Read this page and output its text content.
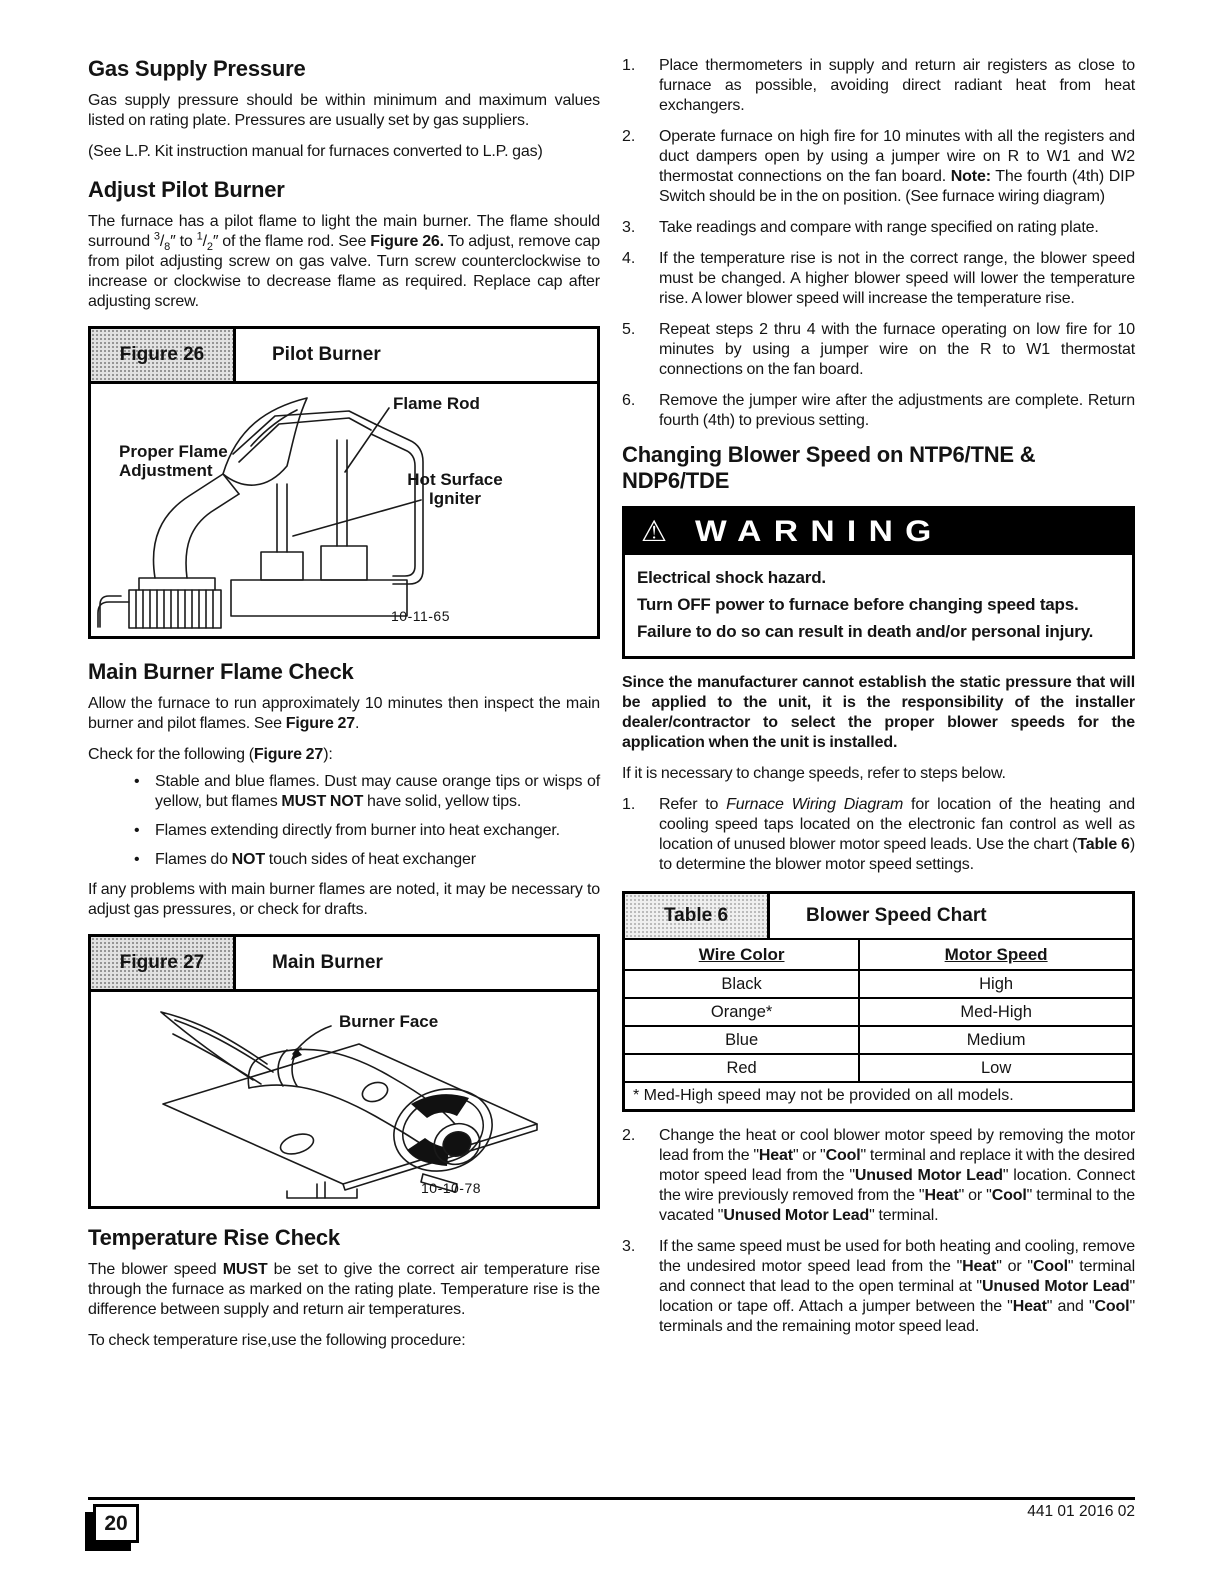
Gas Supply Pressure
Gas supply pressure should be within minimum and maximum values listed on rating plate. Pressures are usually set by gas suppliers.
(See L.P. Kit instruction manual for furnaces converted to L.P. gas)
Adjust Pilot Burner
The furnace has a pilot flame to light the main burner. The flame should surround $^3/_8''$ to $^1/_2''$ of the flame rod. See Figure 26. To adjust, remove cap from pilot adjusting screw on gas valve. Turn screw counterclockwise to increase or clockwise to decrease flame as required. Replace cap after adjusting screw.
Figure 26	Pilot Burner
Proper Flame
Adjustment
Flame Rod
Hot Surface
Igniter
10-11-65
Main Burner Flame Check
Allow the furnace to run approximately 10 minutes then inspect the main burner and pilot flames. See Figure 27.
Check for the following (Figure 27):
• Stable and blue flames. Dust may cause orange tips or wisps of yellow, but flames MUST NOT have solid, yellow tips.
• Flames extending directly from burner into heat exchanger.
• Flames do NOT touch sides of heat exchanger
If any problems with main burner flames are noted, it may be necessary to adjust gas pressures, or check for drafts.
Figure 27	Main Burner
Burner Face
10-10-78
Temperature Rise Check
The blower speed MUST be set to give the correct air temperature rise through the furnace as marked on the rating plate. Temperature rise is the difference between supply and return air temperatures.
To check temperature rise,use the following procedure:
1.	Place thermometers in supply and return air registers as close to furnace as possible, avoiding direct radiant heat from heat exchangers.
2.	Operate furnace on high fire for 10 minutes with all the registers and duct dampers open by using a jumper wire on R to W1 and W2 thermostat connections on the fan board. Note: The fourth (4th) DIP Switch should be in the on position. (See furnace wiring diagram)
3.	Take readings and compare with range specified on rating plate.
4.	If the temperature rise is not in the correct range, the blower speed must be changed. A higher blower speed will lower the temperature rise. A lower blower speed will increase the temperature rise.
5.	Repeat steps 2 thru 4 with the furnace operating on low fire for 10 minutes by using a jumper wire on the R to W1 thermostat connections on the fan board.
6.	Remove the jumper wire after the adjustments are complete. Return fourth (4th) to previous setting.
Changing Blower Speed on NTP6/TNE & NDP6/TDE
⚠ WARNING
Electrical shock hazard.
Turn OFF power to furnace before changing speed taps.
Failure to do so can result in death and/or personal injury.
Since the manufacturer cannot establish the static pressure that will be applied to the unit, it is the responsibility of the installer dealer/contractor to select the proper blower speeds for the application when the unit is installed.
If it is necessary to change speeds, refer to steps below.
1.	Refer to Furnace Wiring Diagram for location of the heating and cooling speed taps located on the electronic fan control as well as location of unused blower motor speed leads. Use the chart (Table 6) to determine the blower motor speed settings.
Table 6	Blower Speed Chart
Wire Color	Motor Speed
Black	High
Orange*	Med-High
Blue	Medium
Red	Low
* Med-High speed may not be provided on all models.
2.	Change the heat or cool blower motor speed by removing the motor lead from the "Heat" or "Cool" terminal and replace it with the desired motor speed lead from the "Unused Motor Lead" location. Connect the wire previously removed from the "Heat" or "Cool" terminal to the vacated "Unused Motor Lead" terminal.
3.	If the same speed must be used for both heating and cooling, remove the undesired motor speed lead from the "Heat" or "Cool" terminal and connect that lead to the open terminal at "Unused Motor Lead" location or tape off. Attach a jumper between the "Heat" and "Cool" terminals and the remaining motor speed lead.
20	441 01 2016 02
